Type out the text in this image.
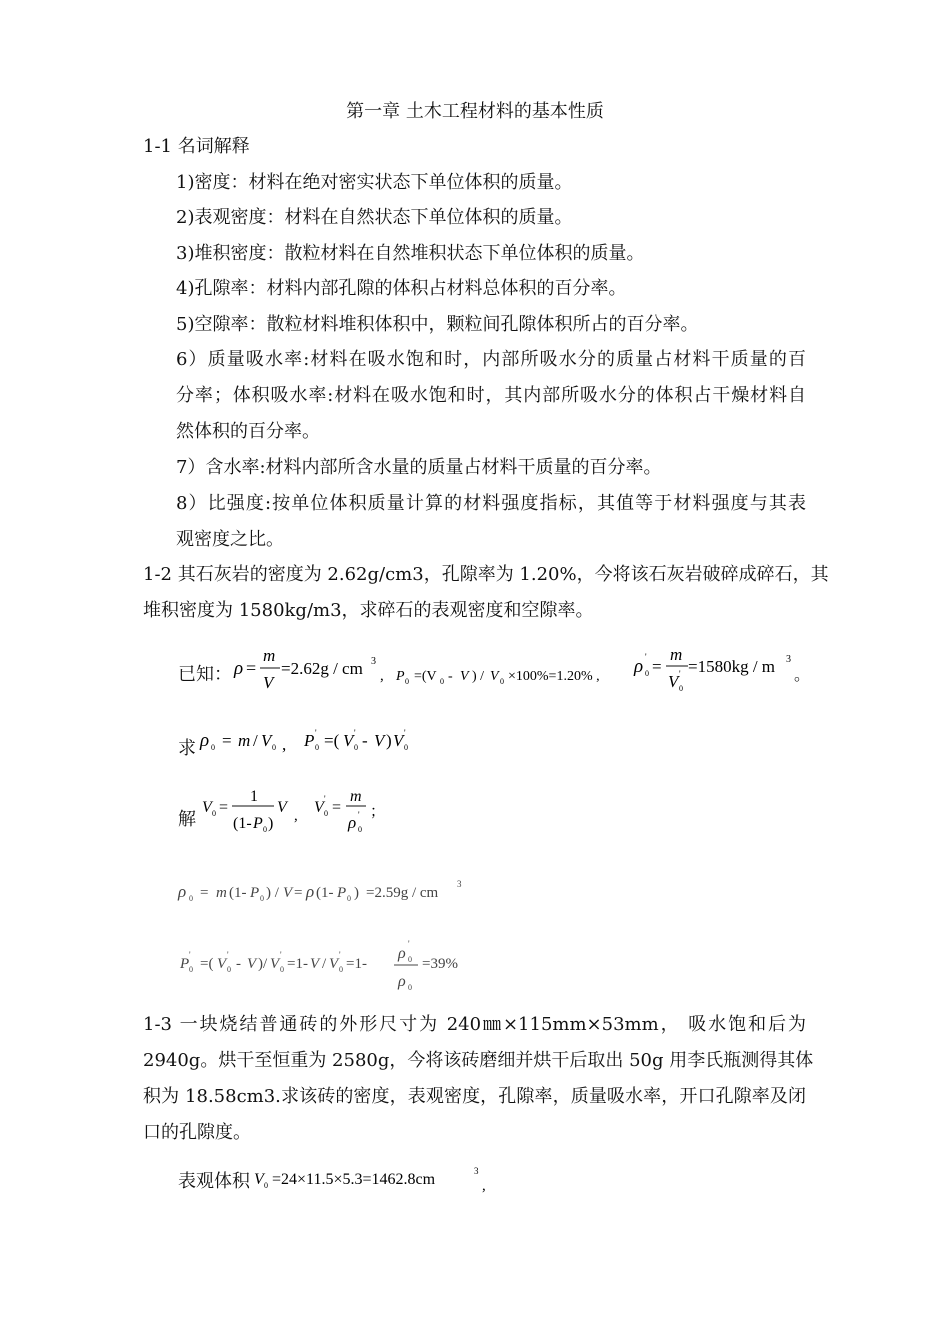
第一章 土木工程材料的基本性质
1-1 名词解释
1)密度：材料在绝对密实状态下单位体积的质量。
2)表观密度：材料在自然状态下单位体积的质量。
3)堆积密度：散粒材料在自然堆积状态下单位体积的质量。
4)孔隙率：材料内部孔隙的体积占材料总体积的百分率。
5)空隙率：散粒材料堆积体积中，颗粒间孔隙体积所占的百分率。
6）质量吸水率:材料在吸水饱和时，内部所吸水分的质量占材料干质量的百
分率；体积吸水率:材料在吸水饱和时，其内部所吸水分的体积占干燥材料自
然体积的百分率。
7）含水率:材料内部所含水量的质量占材料干质量的百分率。
8）比强度:按单位体积质量计算的材料强度指标，其值等于材料强度与其表
观密度之比。
1-2 其石灰岩的密度为 2.62g/cm3，孔隙率为 1.20%，今将该石灰岩破碎成碎石，其
堆积密度为 1580kg/m3，求碎石的表观密度和空隙率。
已知： ρ =
m
V
=2.62g / cm 3
, P 0 =(V 0 - V ) / V 0 ×100%=1.20% , ρ 0
' =
m
V 0
' =1580kg / m 3
。
求 ρ 0 = m / V 0 , P 0
' =( V 0
' - V ) V 0
'
解
V 0 =
1
(1- P 0 )
V , V 0
' =
m
ρ 0
' ；
ρ 0 = m (1- P 0 ) / V = ρ (1- P 0 ) =2.59g / cm
3
P 0
'
=( V 0
'
- V )/ V 0
'
=1- V / V 0
'
=1-
ρ 0
'
ρ 0
=39%
1-3 一块烧结普通砖的外形尺寸为 240㎜×115mm×53mm， 吸水饱和后为
2940g。烘干至恒重为 2580g，今将该砖磨细并烘干后取出 50g 用李氏瓶测得其体
积为 18.58cm3.求该砖的密度，表观密度，孔隙率，质量吸水率，开口孔隙率及闭
口的孔隙度。
表观体积 V 0 =24×11.5×5.3=1462.8cm	3
,
